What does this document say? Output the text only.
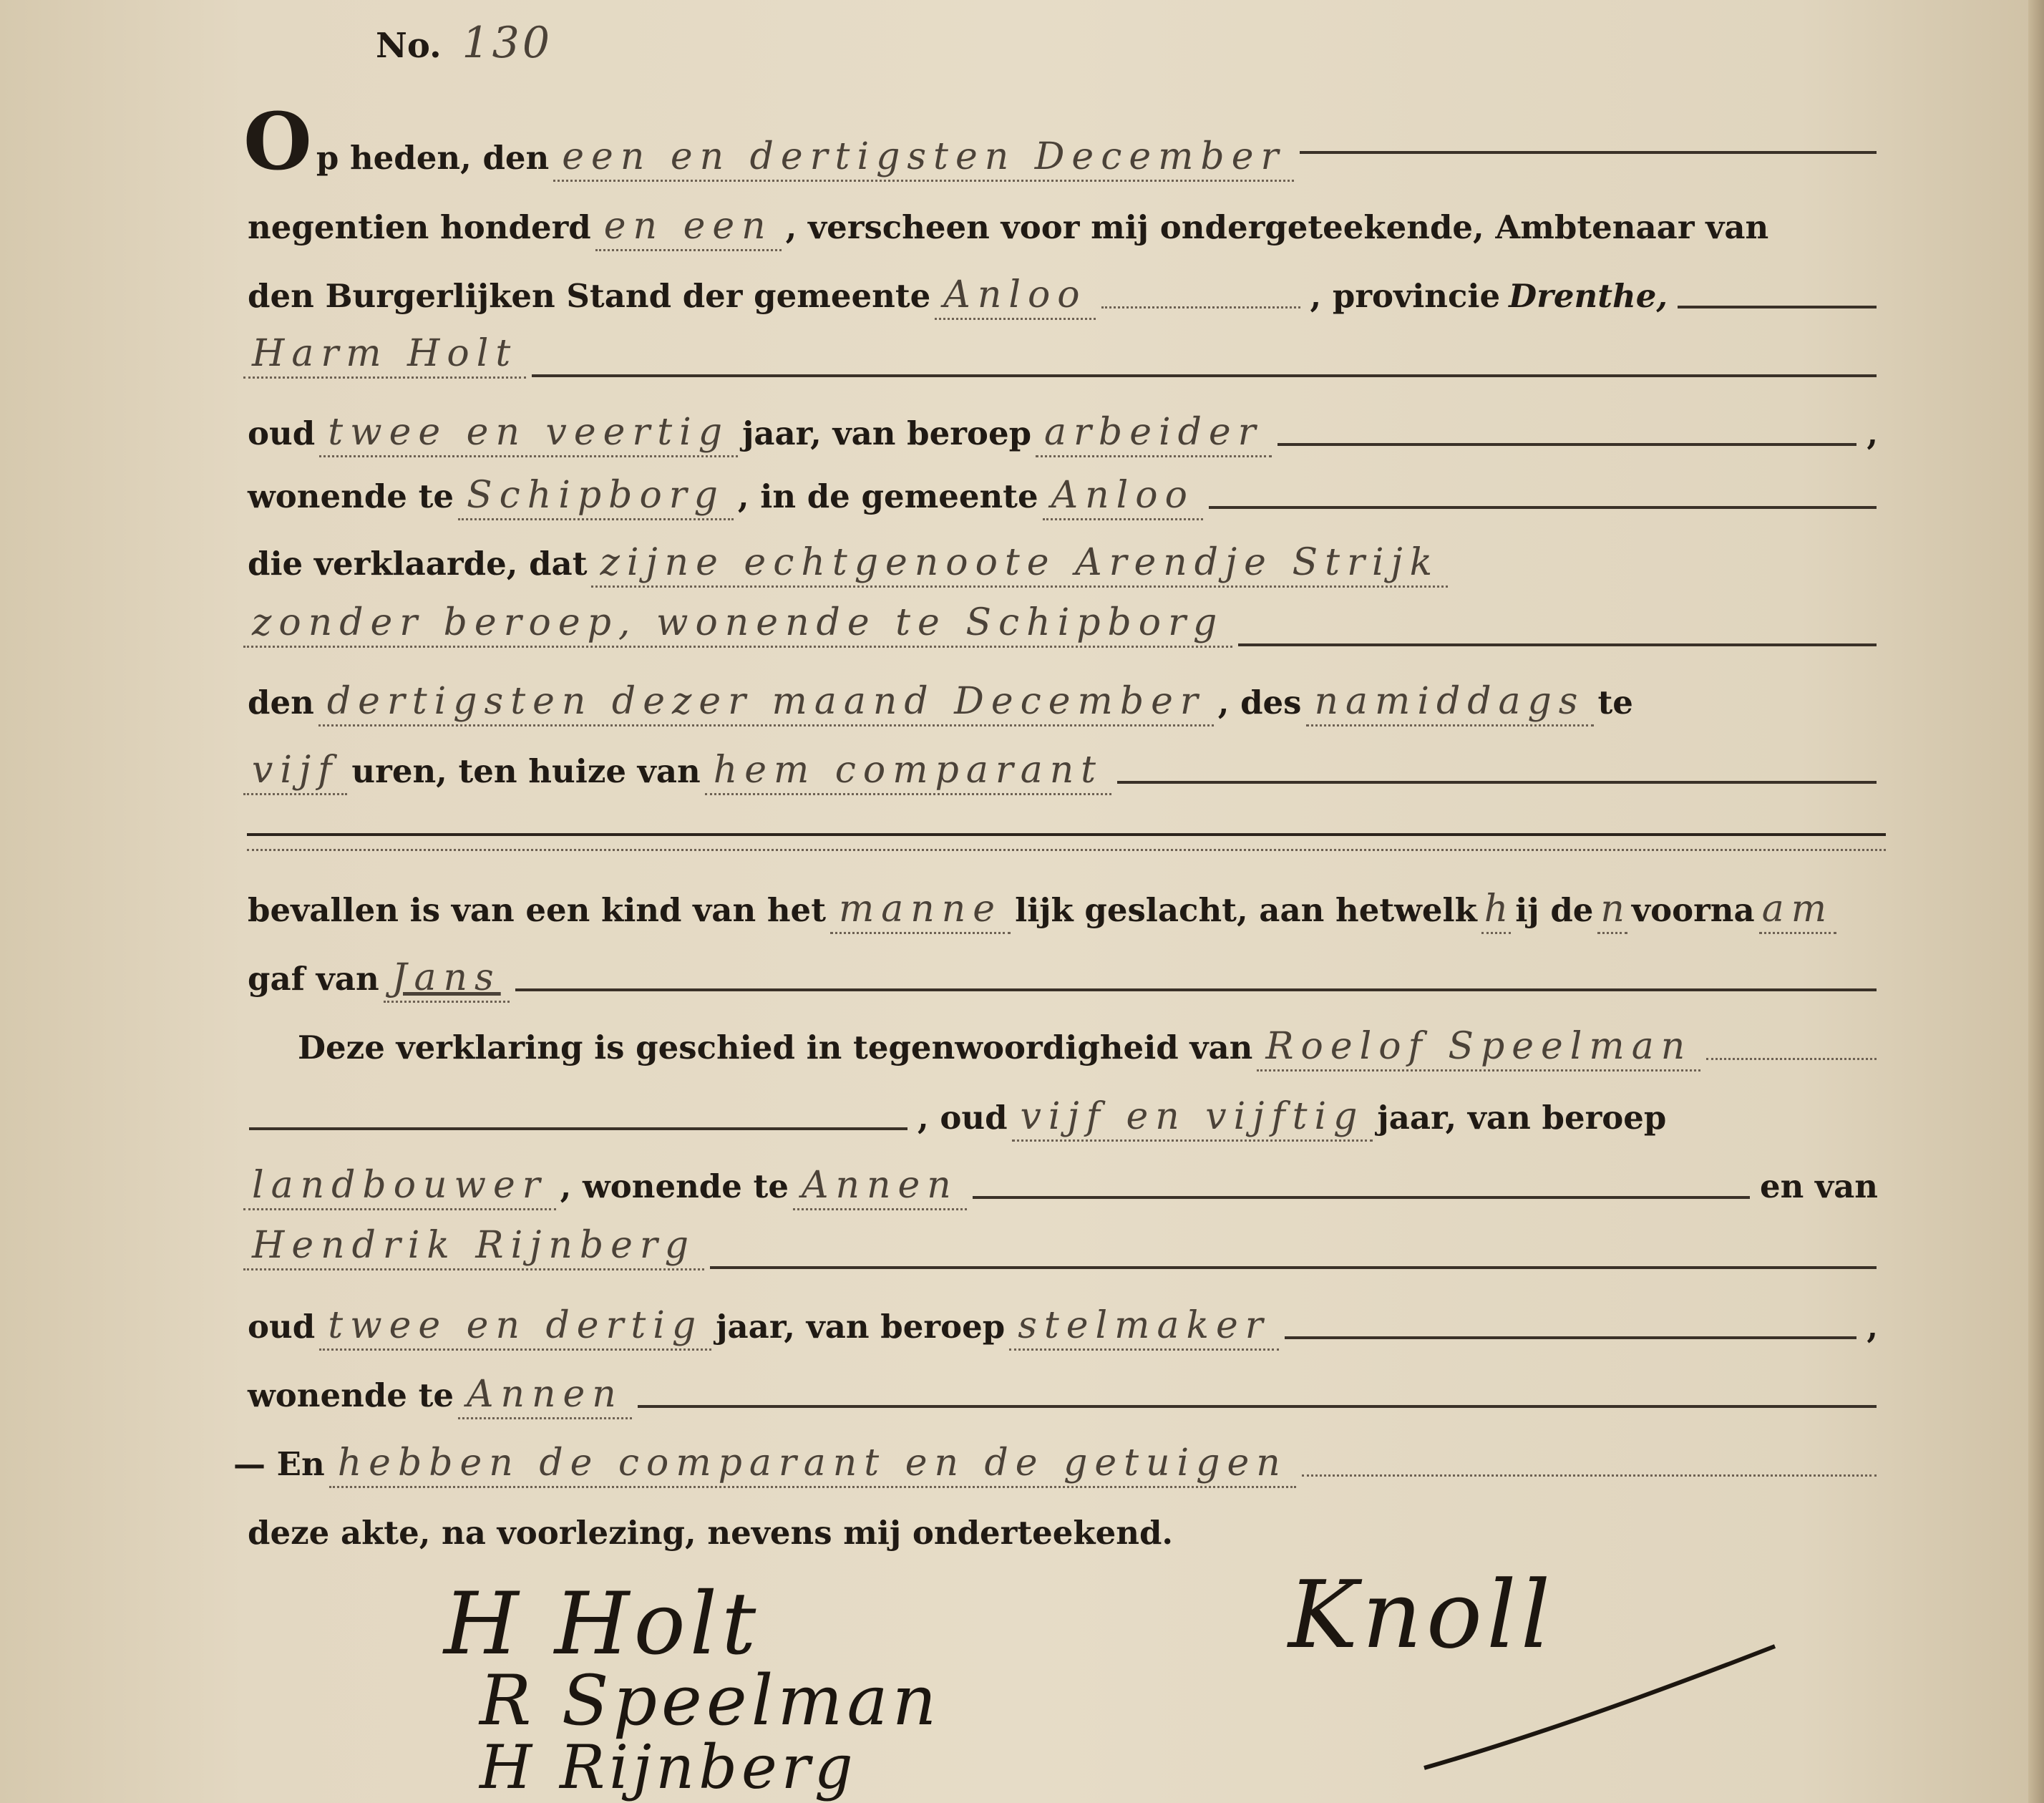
No. 130
O p heden, den een en dertigsten December
negentien honderd en een , verscheen voor mij ondergeteekende, Ambtenaar van
den Burgerlijken Stand der gemeente Anloo	, provincie Drenthe,
Harm Holt
oud twee en veertig jaar, van beroep arbeider	,
wonende te Schipborg , in de gemeente Anloo
die verklaarde, dat zijne echtgenoote Arendje Strijk
zonder beroep, wonende te Schipborg
den dertigsten dezer maand December , des namiddags te
vijf uren, ten huize van hem comparant
bevallen is van een kind van het manne lijk geslacht, aan hetwelk h ij de n voorna am
gaf van Jans
Deze verklaring is geschied in tegenwoordigheid van Roelof Speelman
, oud vijf en vijftig jaar, van beroep
landbouwer , wonende te Annen	en van
Hendrik Rijnberg
oud twee en dertig jaar, van beroep stelmaker	,
wonende te Annen
— En hebben de comparant en de getuigen
deze akte, na voorlezing, nevens mij onderteekend.
H Holt
R Speelman
H Rijnberg
Knoll
